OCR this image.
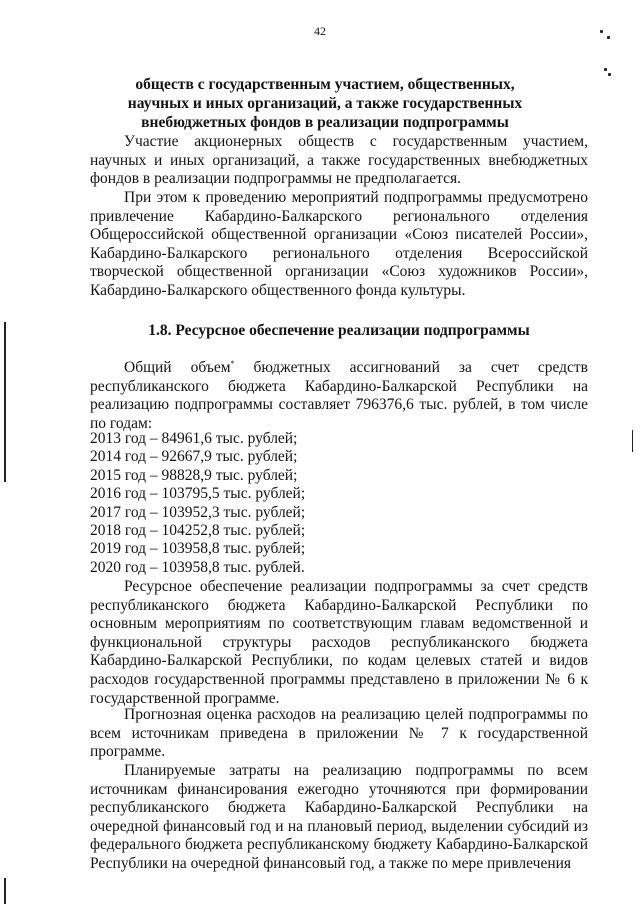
42
обществ с государственным участием, общественных,
научных и иных организаций, а также государственных
внебюджетных фондов в реализации подпрограммы

Участие акционерных обществ с государственным участием, научных и иных организаций, а также государственных внебюджетных фондов в реализации подпрограммы не предполагается.

При этом к проведению мероприятий подпрограммы предусмотрено привлечение Кабардино-Балкарского регионального отделения Общероссийской общественной организации «Союз писателей России», Кабардино-Балкарского регионального отделения Всероссийской творческой общественной организации «Союз художников России», Кабардино-Балкарского общественного фонда культуры.

1.8. Ресурсное обеспечение реализации подпрограммы

Общий объем* бюджетных ассигнований за счет средств республиканского бюджета Кабардино-Балкарской Республики на реализацию подпрограммы составляет 796376,6 тыс. рублей, в том числе по годам:

2013 год – 84961,6 тыс. рублей;
2014 год – 92667,9 тыс. рублей;
2015 год – 98828,9 тыс. рублей;
2016 год – 103795,5 тыс. рублей;
2017 год – 103952,3 тыс. рублей;
2018 год – 104252,8 тыс. рублей;
2019 год – 103958,8 тыс. рублей;
2020 год – 103958,8 тыс. рублей.

Ресурсное обеспечение реализации подпрограммы за счет средств республиканского бюджета Кабардино-Балкарской Республики по основным мероприятиям по соответствующим главам ведомственной и функциональной структуры расходов республиканского бюджета Кабардино-Балкарской Республики, по кодам целевых статей и видов расходов государственной программы представлено в приложении № 6 к государственной программе.

Прогнозная оценка расходов на реализацию целей подпрограммы по всем источникам приведена в приложении № 7 к государственной программе.

Планируемые затраты на реализацию подпрограммы по всем источникам финансирования ежегодно уточняются при формировании республиканского бюджета Кабардино-Балкарской Республики на очередной финансовый год и на плановый период, выделении субсидий из федерального бюджета республиканскому бюджету Кабардино-Балкарской Республики на очередной финансовый год, а также по мере привлечения
